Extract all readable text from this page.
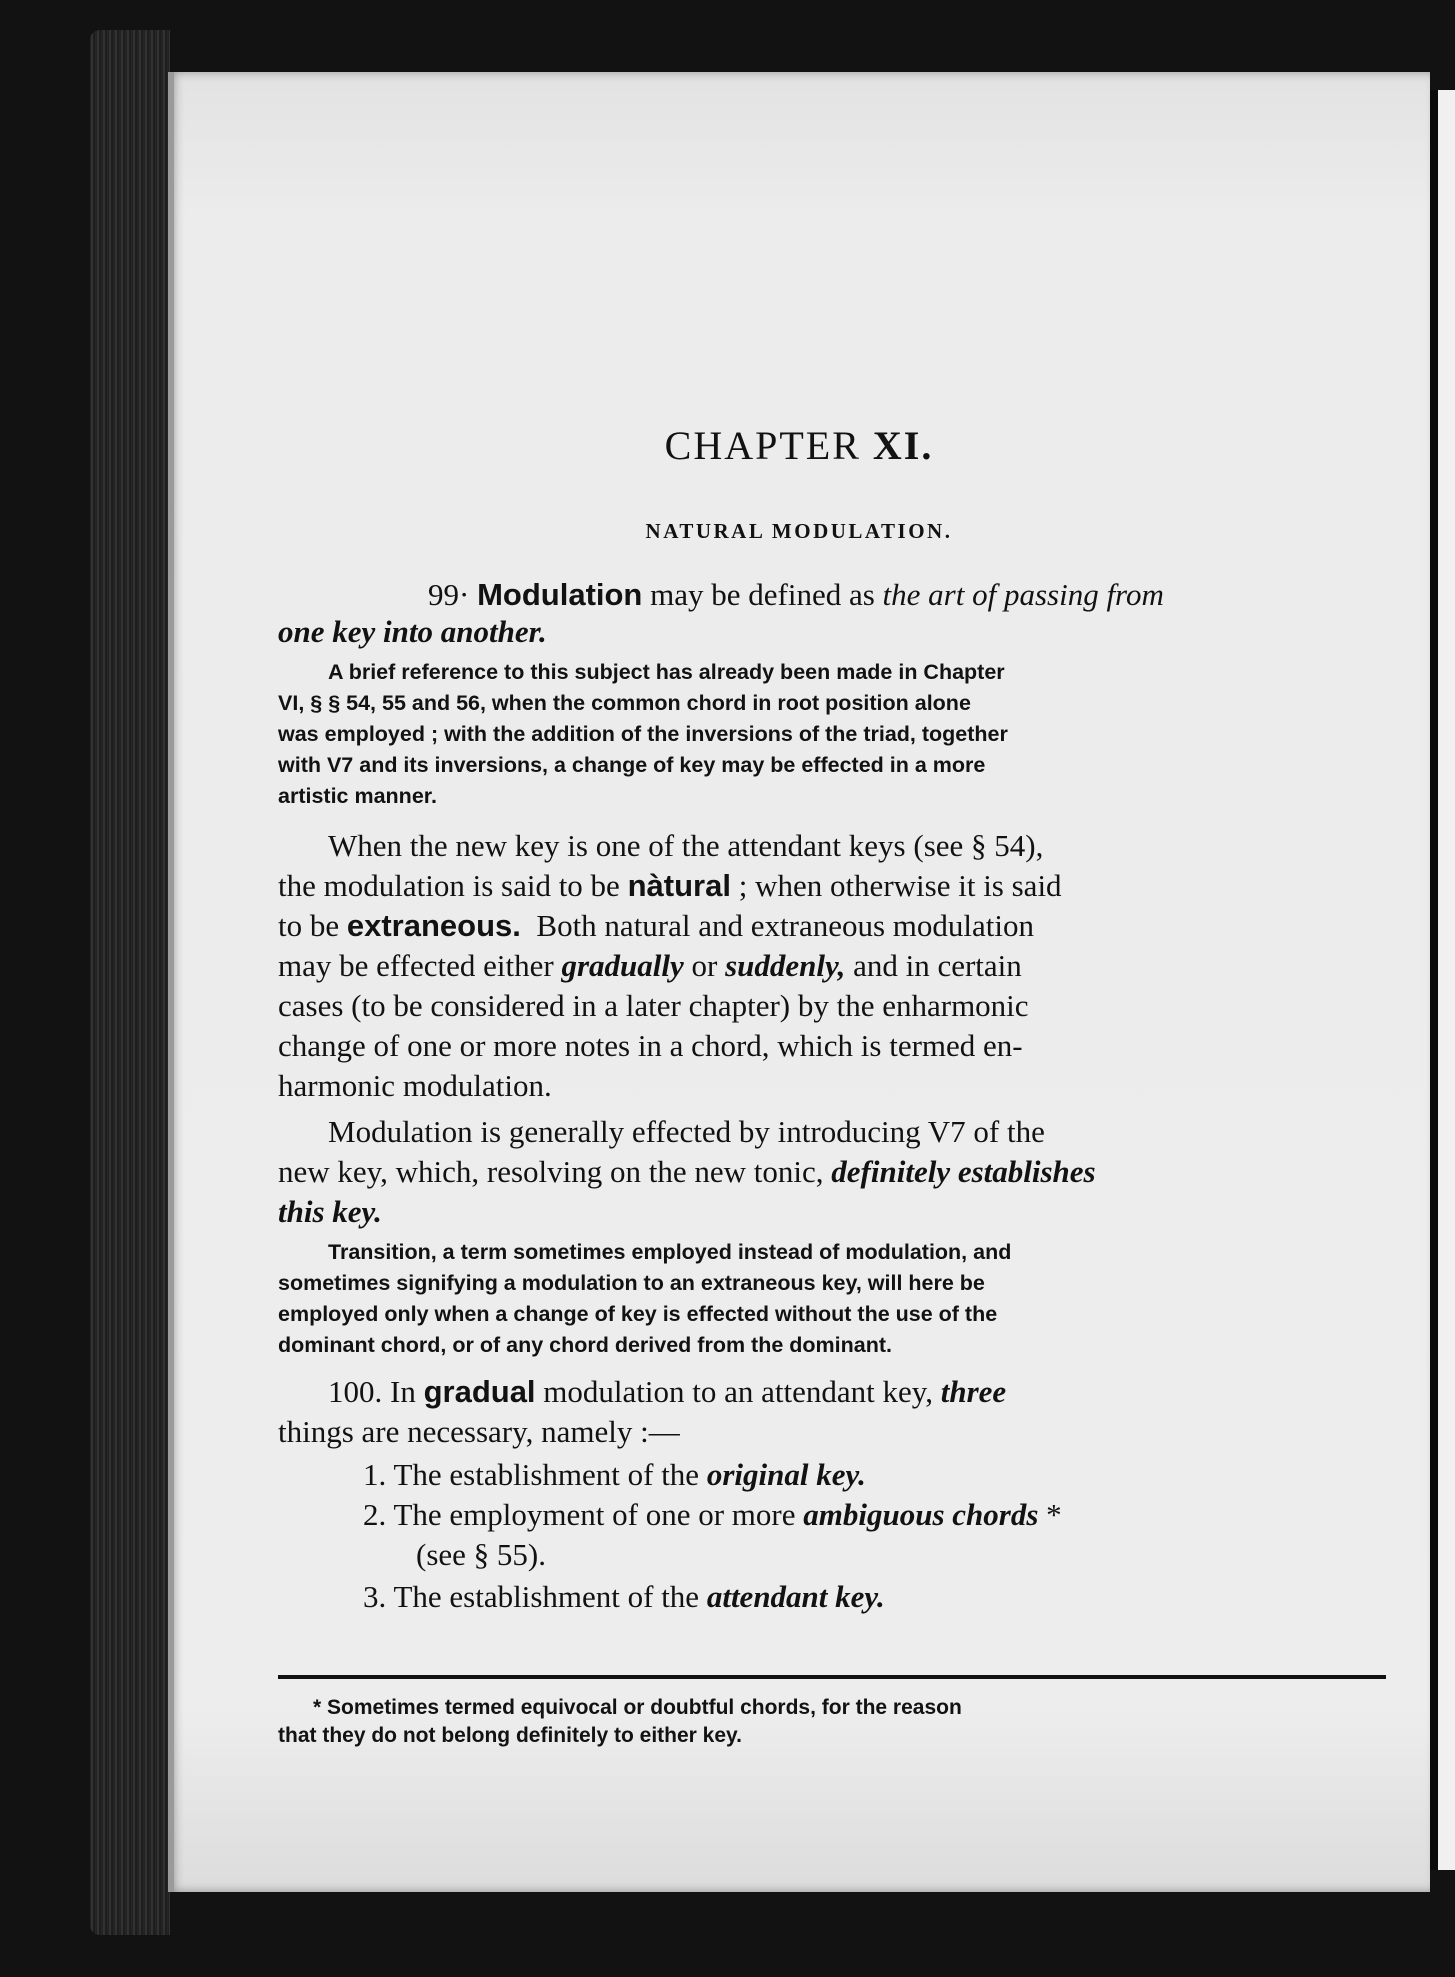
CHAPTER XI.
NATURAL MODULATION.
99· Modulation may be defined as the art of passing from
one key into another.
A brief reference to this subject has already been made in Chapter
VI, § § 54, 55 and 56, when the common chord in root position alone
was employed ; with the addition of the inversions of the triad, together
with V7 and its inversions, a change of key may be effected in a more
artistic manner.
When the new key is one of the attendant keys (see § 54),
the modulation is said to be nàtural ; when otherwise it is said
to be extraneous. Both natural and extraneous modulation
may be effected either gradually or suddenly, and in certain
cases (to be considered in a later chapter) by the enharmonic
change of one or more notes in a chord, which is termed en-
harmonic modulation.
Modulation is generally effected by introducing V7 of the
new key, which, resolving on the new tonic, definitely establishes
this key.
Transition, a term sometimes employed instead of modulation, and
sometimes signifying a modulation to an extraneous key, will here be
employed only when a change of key is effected without the use of the
dominant chord, or of any chord derived from the dominant.
100. In gradual modulation to an attendant key, three
things are necessary, namely :—
1. The establishment of the original key.
2. The employment of one or more ambiguous chords *
(see § 55).
3. The establishment of the attendant key.
* Sometimes termed equivocal or doubtful chords, for the reason
that they do not belong definitely to either key.
